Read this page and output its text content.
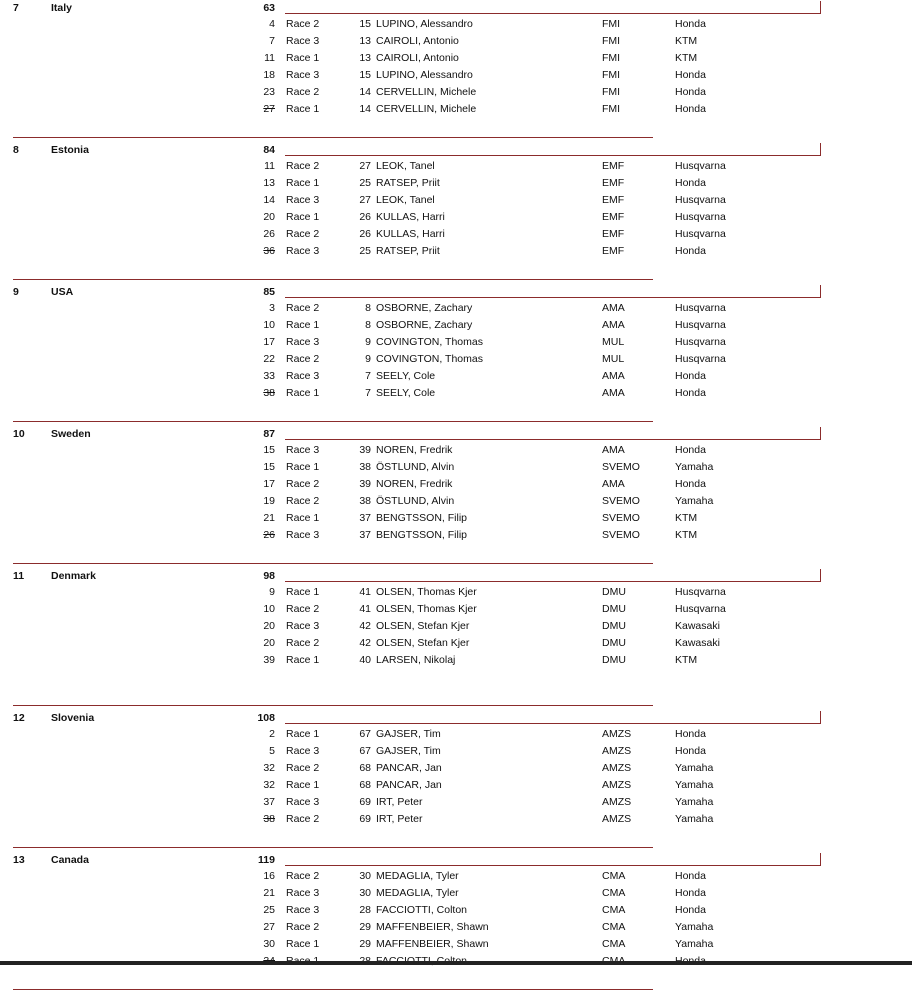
7	Italy	63
4 Race 2	15 LUPINO, Alessandro	FMI	Honda
7 Race 3	13 CAIROLI, Antonio	FMI	KTM
11 Race 1	13 CAIROLI, Antonio	FMI	KTM
18 Race 3	15 LUPINO, Alessandro	FMI	Honda
23 Race 2	14 CERVELLIN, Michele	FMI	Honda
27 Race 1	14 CERVELLIN, Michele	FMI	Honda
8	Estonia	84
11 Race 2	27 LEOK, Tanel	EMF	Husqvarna
13 Race 1	25 RATSEP, Priit	EMF	Honda
14 Race 3	27 LEOK, Tanel	EMF	Husqvarna
20 Race 1	26 KULLAS, Harri	EMF	Husqvarna
26 Race 2	26 KULLAS, Harri	EMF	Husqvarna
36 Race 3	25 RATSEP, Priit	EMF	Honda
9	USA	85
3 Race 2	8 OSBORNE, Zachary	AMA	Husqvarna
10 Race 1	8 OSBORNE, Zachary	AMA	Husqvarna
17 Race 3	9 COVINGTON, Thomas	MUL	Husqvarna
22 Race 2	9 COVINGTON, Thomas	MUL	Husqvarna
33 Race 3	7 SEELY, Cole	AMA	Honda
38 Race 1	7 SEELY, Cole	AMA	Honda
10	Sweden	87
15 Race 3	39 NOREN, Fredrik	AMA	Honda
15 Race 1	38 ÖSTLUND, Alvin	SVEMO	Yamaha
17 Race 2	39 NOREN, Fredrik	AMA	Honda
19 Race 2	38 ÖSTLUND, Alvin	SVEMO	Yamaha
21 Race 1	37 BENGTSSON, Filip	SVEMO	KTM
26 Race 3	37 BENGTSSON, Filip	SVEMO	KTM
11	Denmark	98
9 Race 1	41 OLSEN, Thomas Kjer	DMU	Husqvarna
10 Race 2	41 OLSEN, Thomas Kjer	DMU	Husqvarna
20 Race 3	42 OLSEN, Stefan Kjer	DMU	Kawasaki
20 Race 2	42 OLSEN, Stefan Kjer	DMU	Kawasaki
39 Race 1	40 LARSEN, Nikolaj	DMU	KTM
12	Slovenia	108
2 Race 1	67 GAJSER, Tim	AMZS	Honda
5 Race 3	67 GAJSER, Tim	AMZS	Honda
32 Race 2	68 PANCAR, Jan	AMZS	Yamaha
32 Race 1	68 PANCAR, Jan	AMZS	Yamaha
37 Race 3	69 IRT, Peter	AMZS	Yamaha
38 Race 2	69 IRT, Peter	AMZS	Yamaha
13	Canada	119
16 Race 2	30 MEDAGLIA, Tyler	CMA	Honda
21 Race 3	30 MEDAGLIA, Tyler	CMA	Honda
25 Race 3	28 FACCIOTTI, Colton	CMA	Honda
27 Race 2	29 MAFFENBEIER, Shawn	CMA	Yamaha
30 Race 1	29 MAFFENBEIER, Shawn	CMA	Yamaha
